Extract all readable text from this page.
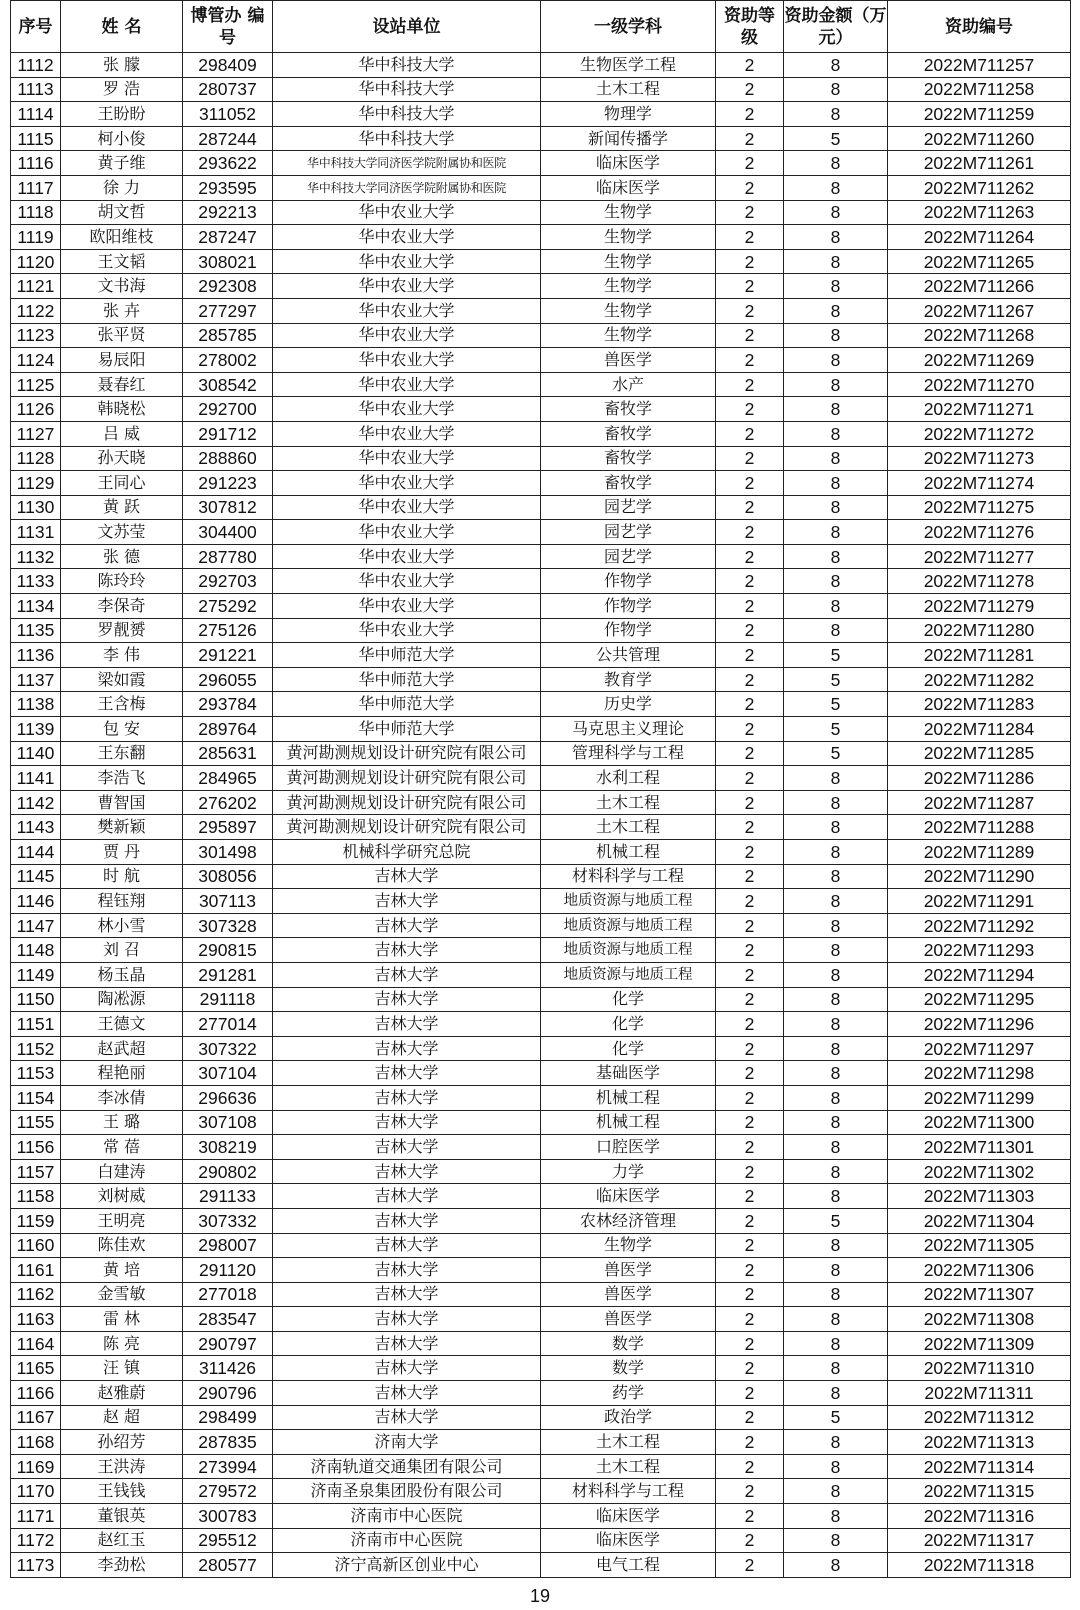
序号	姓 名	博管办 编 号	设站单位	一级学科	资助等级	资助金额（万元）	资助编号
1112	张 朦	298409	华中科技大学	生物医学工程	2	8	2022M711257
1113	罗 浩	280737	华中科技大学	土木工程	2	8	2022M711258
1114	王盼盼	311052	华中科技大学	物理学	2	8	2022M711259
1115	柯小俊	287244	华中科技大学	新闻传播学	2	5	2022M711260
1116	黄子维	293622	华中科技大学同济医学院附属协和医院	临床医学	2	8	2022M711261
1117	徐 力	293595	华中科技大学同济医学院附属协和医院	临床医学	2	8	2022M711262
1118	胡文哲	292213	华中农业大学	生物学	2	8	2022M711263
1119	欧阳维枝	287247	华中农业大学	生物学	2	8	2022M711264
1120	王文韬	308021	华中农业大学	生物学	2	8	2022M711265
1121	文书海	292308	华中农业大学	生物学	2	8	2022M711266
1122	张 卉	277297	华中农业大学	生物学	2	8	2022M711267
1123	张平贤	285785	华中农业大学	生物学	2	8	2022M711268
1124	易辰阳	278002	华中农业大学	兽医学	2	8	2022M711269
1125	聂春红	308542	华中农业大学	水产	2	8	2022M711270
1126	韩晓松	292700	华中农业大学	畜牧学	2	8	2022M711271
1127	吕 威	291712	华中农业大学	畜牧学	2	8	2022M711272
1128	孙天晓	288860	华中农业大学	畜牧学	2	8	2022M711273
1129	王同心	291223	华中农业大学	畜牧学	2	8	2022M711274
1130	黄 跃	307812	华中农业大学	园艺学	2	8	2022M711275
1131	文苏莹	304400	华中农业大学	园艺学	2	8	2022M711276
1132	张 德	287780	华中农业大学	园艺学	2	8	2022M711277
1133	陈玲玲	292703	华中农业大学	作物学	2	8	2022M711278
1134	李保奇	275292	华中农业大学	作物学	2	8	2022M711279
1135	罗靓赟	275126	华中农业大学	作物学	2	8	2022M711280
1136	李 伟	291221	华中师范大学	公共管理	2	5	2022M711281
1137	梁如霞	296055	华中师范大学	教育学	2	5	2022M711282
1138	王含梅	293784	华中师范大学	历史学	2	5	2022M711283
1139	包 安	289764	华中师范大学	马克思主义理论	2	5	2022M711284
1140	王东翻	285631	黄河勘测规划设计研究院有限公司	管理科学与工程	2	5	2022M711285
1141	李浩飞	284965	黄河勘测规划设计研究院有限公司	水利工程	2	8	2022M711286
1142	曹智国	276202	黄河勘测规划设计研究院有限公司	土木工程	2	8	2022M711287
1143	樊新颖	295897	黄河勘测规划设计研究院有限公司	土木工程	2	8	2022M711288
1144	贾 丹	301498	机械科学研究总院	机械工程	2	8	2022M711289
1145	时 航	308056	吉林大学	材料科学与工程	2	8	2022M711290
1146	程钰翔	307113	吉林大学	地质资源与地质工程	2	8	2022M711291
1147	林小雪	307328	吉林大学	地质资源与地质工程	2	8	2022M711292
1148	刘 召	290815	吉林大学	地质资源与地质工程	2	8	2022M711293
1149	杨玉晶	291281	吉林大学	地质资源与地质工程	2	8	2022M711294
1150	陶凇源	291118	吉林大学	化学	2	8	2022M711295
1151	王德文	277014	吉林大学	化学	2	8	2022M711296
1152	赵武超	307322	吉林大学	化学	2	8	2022M711297
1153	程艳丽	307104	吉林大学	基础医学	2	8	2022M711298
1154	李冰倩	296636	吉林大学	机械工程	2	8	2022M711299
1155	王 璐	307108	吉林大学	机械工程	2	8	2022M711300
1156	常 蓓	308219	吉林大学	口腔医学	2	8	2022M711301
1157	白建涛	290802	吉林大学	力学	2	8	2022M711302
1158	刘树威	291133	吉林大学	临床医学	2	8	2022M711303
1159	王明亮	307332	吉林大学	农林经济管理	2	5	2022M711304
1160	陈佳欢	298007	吉林大学	生物学	2	8	2022M711305
1161	黄 培	291120	吉林大学	兽医学	2	8	2022M711306
1162	金雪敏	277018	吉林大学	兽医学	2	8	2022M711307
1163	雷 林	283547	吉林大学	兽医学	2	8	2022M711308
1164	陈 亮	290797	吉林大学	数学	2	8	2022M711309
1165	汪 镇	311426	吉林大学	数学	2	8	2022M711310
1166	赵雅蔚	290796	吉林大学	药学	2	8	2022M711311
1167	赵 超	298499	吉林大学	政治学	2	5	2022M711312
1168	孙绍芳	287835	济南大学	土木工程	2	8	2022M711313
1169	王洪涛	273994	济南轨道交通集团有限公司	土木工程	2	8	2022M711314
1170	王钱钱	279572	济南圣泉集团股份有限公司	材料科学与工程	2	8	2022M711315
1171	董银英	300783	济南市中心医院	临床医学	2	8	2022M711316
1172	赵红玉	295512	济南市中心医院	临床医学	2	8	2022M711317
1173	李劲松	280577	济宁高新区创业中心	电气工程	2	8	2022M711318
19
